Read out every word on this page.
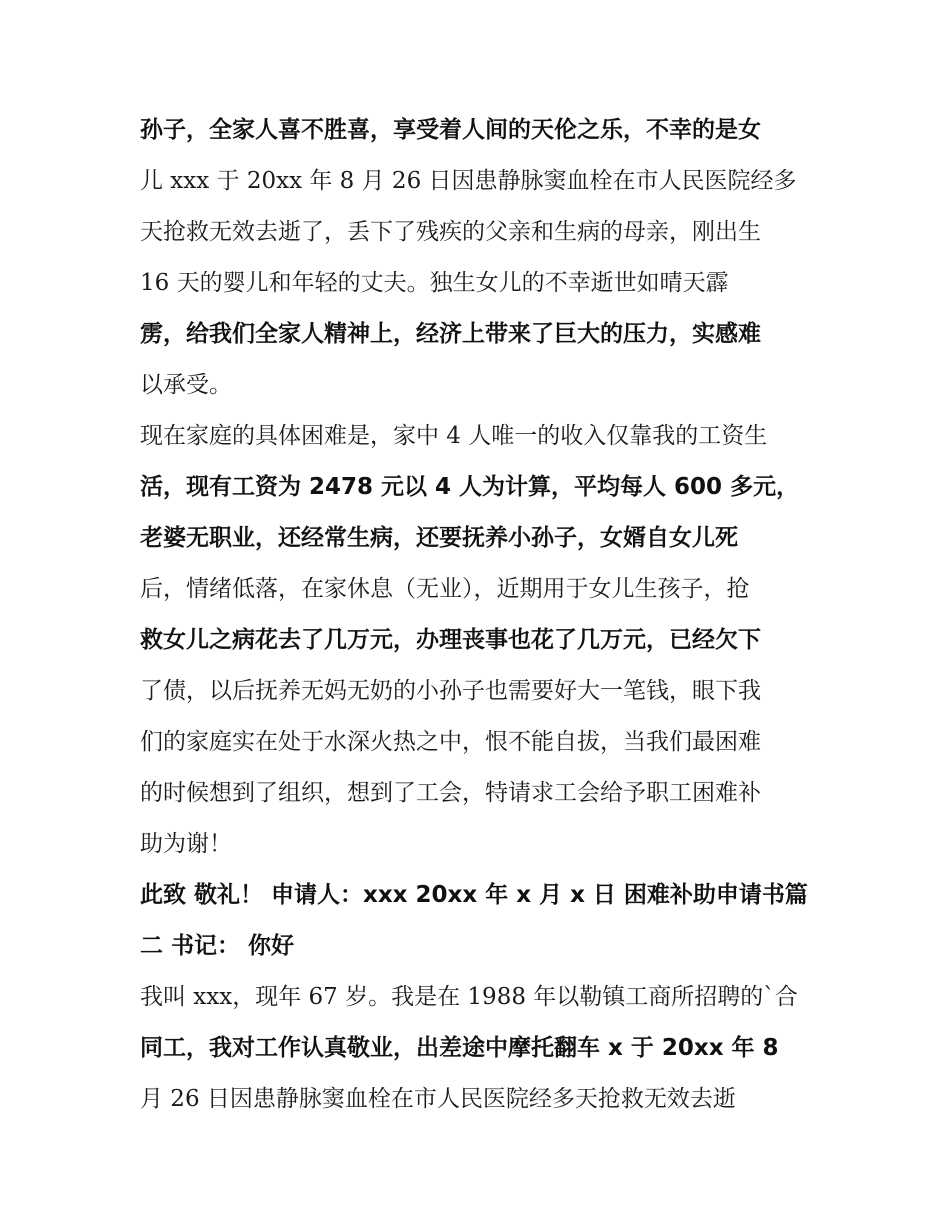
孙子，全家人喜不胜喜，享受着人间的天伦之乐，不幸的是女
儿 xxx 于 20xx 年 8 月 26 日因患静脉窦血栓在市人民医院经多
天抢救无效去逝了，丢下了残疾的父亲和生病的母亲，刚出生
16 天的婴儿和年轻的丈夫。独生女儿的不幸逝世如晴天霹
雳，给我们全家人精神上，经济上带来了巨大的压力，实感难
以承受。
现在家庭的具体困难是，家中 4 人唯一的收入仅靠我的工资生
活，现有工资为 2478 元以 4 人为计算，平均每人 600 多元，
老婆无职业，还经常生病，还要抚养小孙子，女婿自女儿死
后，情绪低落，在家休息（无业），近期用于女儿生孩子，抢
救女儿之病花去了几万元，办理丧事也花了几万元，已经欠下
了债，以后抚养无妈无奶的小孙子也需要好大一笔钱，眼下我
们的家庭实在处于水深火热之中，恨不能自拔，当我们最困难
的时候想到了组织，想到了工会，特请求工会给予职工困难补
助为谢！
此致 敬礼！ 申请人：xxx 20xx 年 x 月 x 日 困难补助申请书篇
二 书记： 你好
我叫 xxx，现年 67 岁。我是在 1988 年以勒镇工商所招聘的`合
同工，我对工作认真敬业，出差途中摩托翻车 x 于 20xx 年 8
月 26 日因患静脉窦血栓在市人民医院经多天抢救无效去逝
